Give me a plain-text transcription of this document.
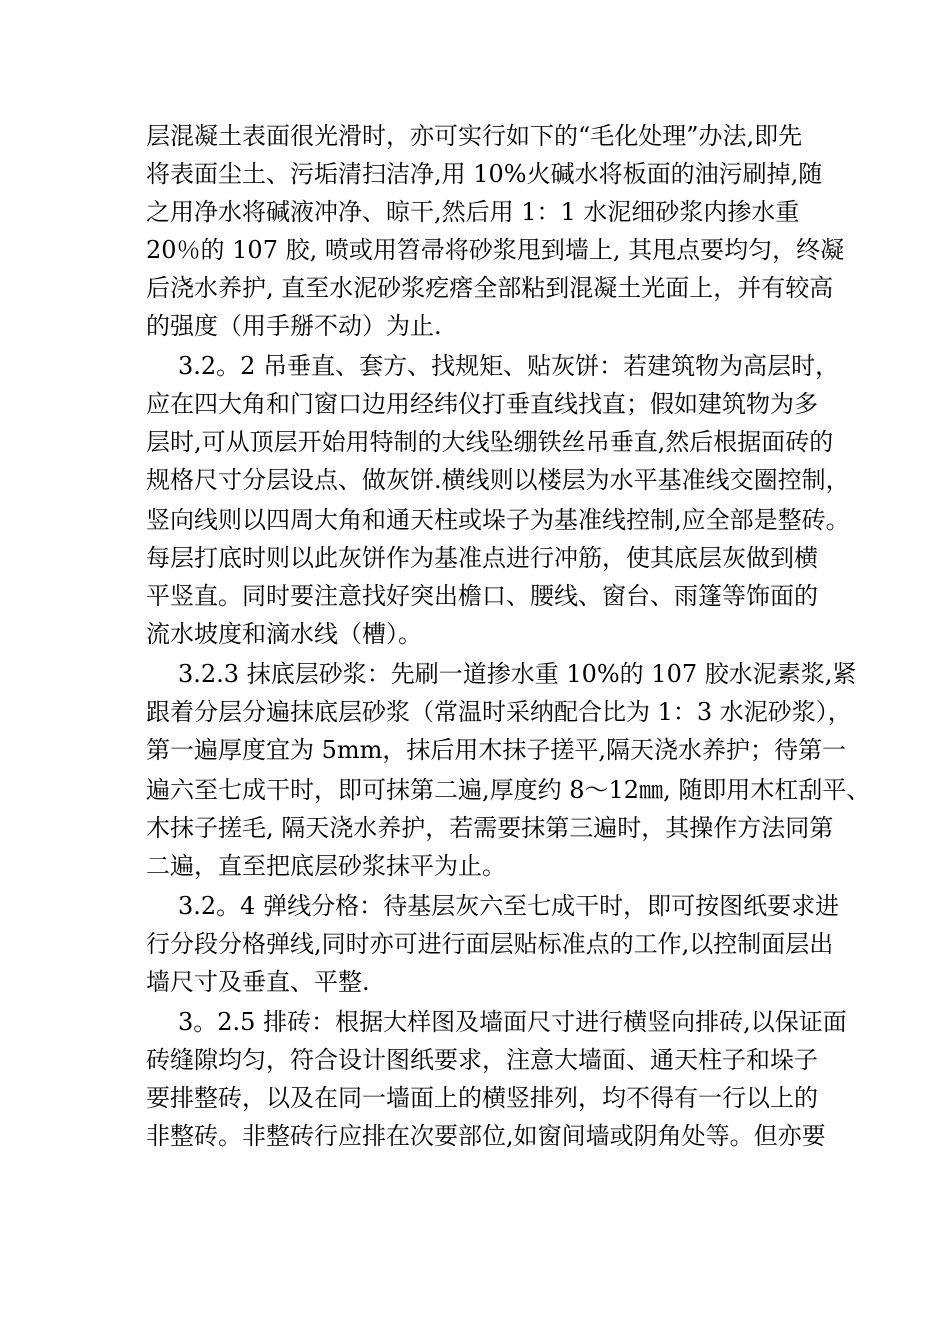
层混凝土表面很光滑时，亦可实行如下的“毛化处理”办法,即先
将表面尘土、污垢清扫洁净,用 10%火碱水将板面的油污刷掉,随
之用净水将碱液冲净、晾干,然后用 1：1 水泥细砂浆内掺水重
20％的 107 胶, 喷或用笤帚将砂浆甩到墙上, 其甩点要均匀，终凝
后浇水养护, 直至水泥砂浆疙瘩全部粘到混凝土光面上，并有较高
的强度（用手掰不动）为止.
3.2。2 吊垂直、套方、找规矩、贴灰饼：若建筑物为高层时，
应在四大角和门窗口边用经纬仪打垂直线找直；假如建筑物为多
层时,可从顶层开始用特制的大线坠绷铁丝吊垂直,然后根据面砖的
规格尺寸分层设点、做灰饼.横线则以楼层为水平基准线交圈控制，
竖向线则以四周大角和通天柱或垛子为基准线控制,应全部是整砖。
每层打底时则以此灰饼作为基准点进行冲筋，使其底层灰做到横
平竖直。同时要注意找好突出檐口、腰线、窗台、雨篷等饰面的
流水坡度和滴水线（槽）。
3.2.3 抹底层砂浆：先刷一道掺水重 10%的 107 胶水泥素浆,紧
跟着分层分遍抹底层砂浆（常温时采纳配合比为 1：3 水泥砂浆），
第一遍厚度宜为 5mm，抹后用木抹子搓平,隔天浇水养护；待第一
遍六至七成干时，即可抹第二遍,厚度约 8～12㎜, 随即用木杠刮平、
木抹子搓毛, 隔天浇水养护，若需要抹第三遍时，其操作方法同第
二遍，直至把底层砂浆抹平为止。
3.2。4 弹线分格：待基层灰六至七成干时，即可按图纸要求进
行分段分格弹线,同时亦可进行面层贴标准点的工作,以控制面层出
墙尺寸及垂直、平整.
3。2.5 排砖：根据大样图及墙面尺寸进行横竖向排砖,以保证面
砖缝隙均匀，符合设计图纸要求，注意大墙面、通天柱子和垛子
要排整砖，以及在同一墙面上的横竖排列，均不得有一行以上的
非整砖。非整砖行应排在次要部位,如窗间墙或阴角处等。但亦要
